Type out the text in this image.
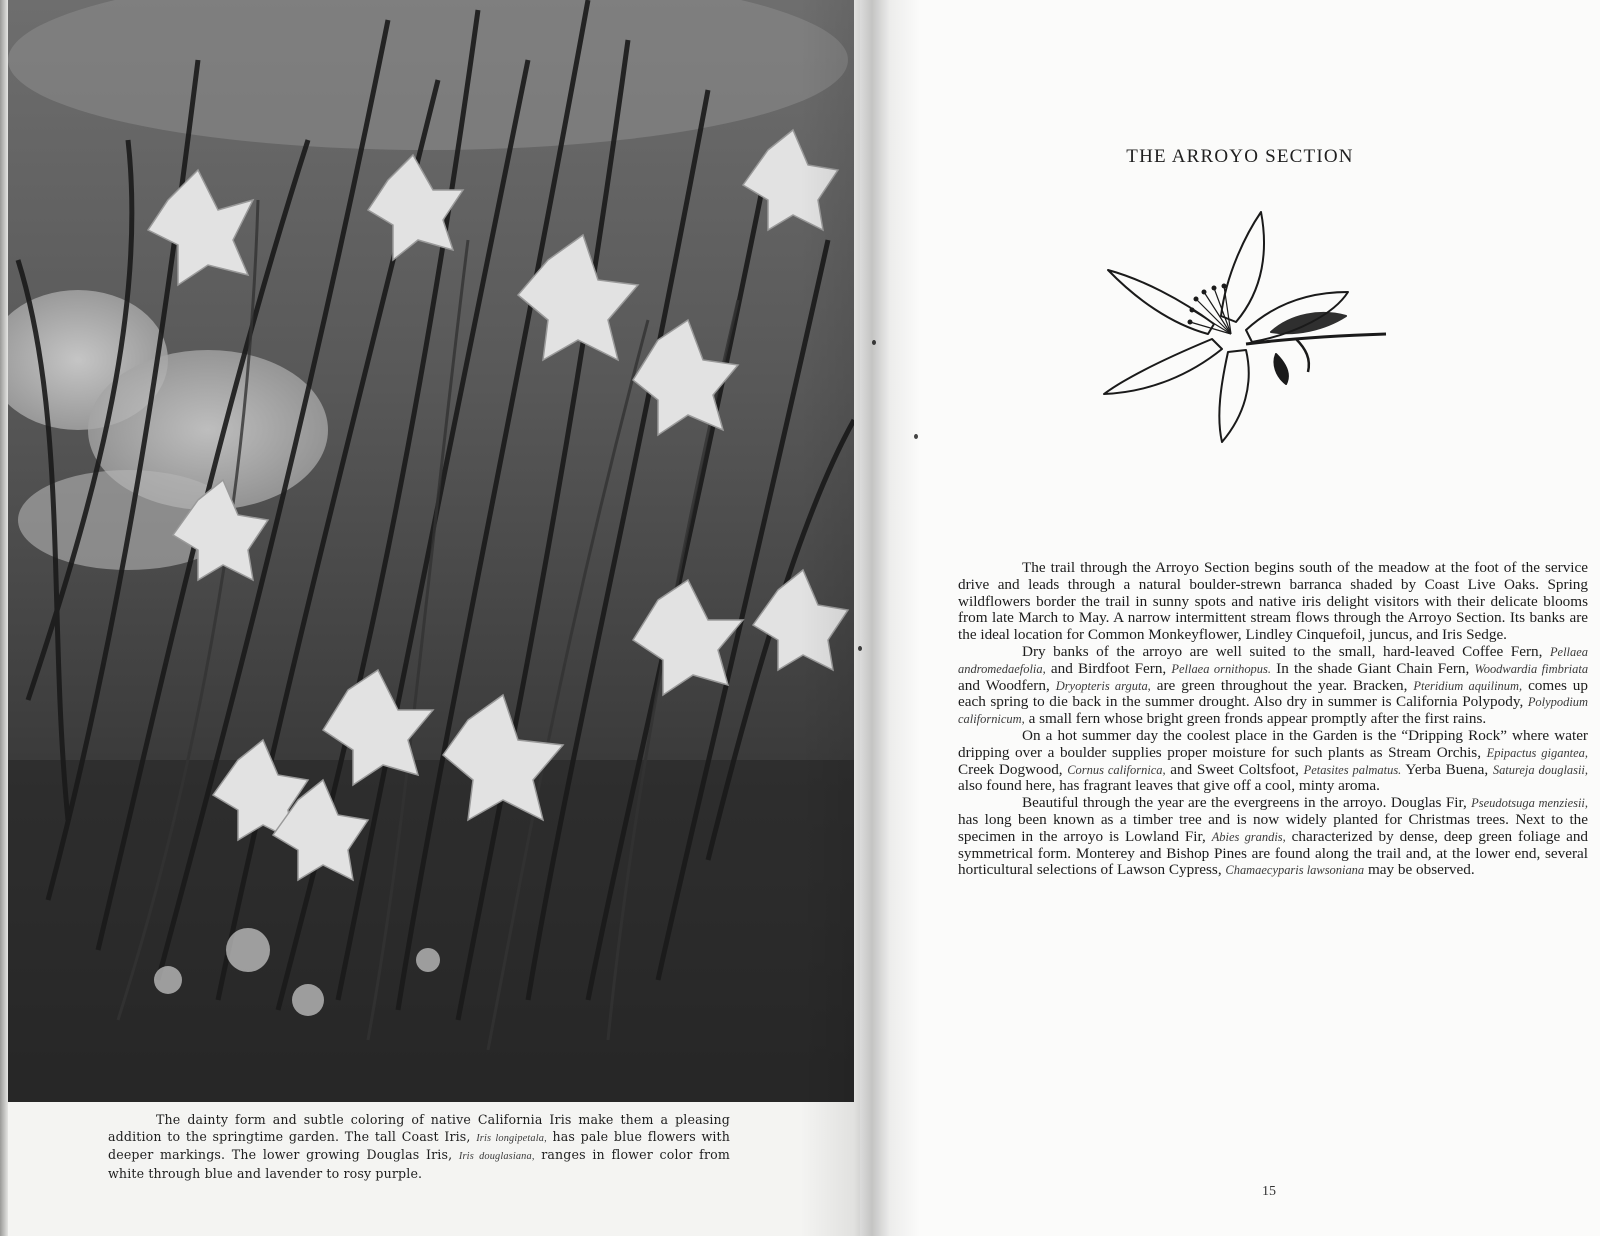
The dainty form and subtle coloring of native California Iris make them a pleasing addition to the springtime garden. The tall Coast Iris, Iris longipetala, has pale blue flowers with deeper markings. The lower growing Douglas Iris, Iris douglasiana, ranges in flower color from white through blue and lavender to rosy purple.
THE ARROYO SECTION

The trail through the Arroyo Section begins south of the meadow at the foot of the service drive and leads through a natural boulder-strewn barranca shaded by Coast Live Oaks. Spring wildflowers border the trail in sunny spots and native iris delight visitors with their delicate blooms from late March to May. A narrow intermittent stream flows through the Arroyo Section. Its banks are the ideal location for Common Monkeyflower, Lindley Cinquefoil, juncus, and Iris Sedge.

Dry banks of the arroyo are well suited to the small, hard-leaved Coffee Fern, Pellaea andromedaefolia, and Birdfoot Fern, Pellaea ornithopus. In the shade Giant Chain Fern, Woodwardia fimbriata and Woodfern, Dryopteris arguta, are green throughout the year. Bracken, Pteridium aquilinum, comes up each spring to die back in the summer drought. Also dry in summer is California Polypody, Polypodium californicum, a small fern whose bright green fronds appear promptly after the first rains.

On a hot summer day the coolest place in the Garden is the “Dripping Rock” where water dripping over a boulder supplies proper moisture for such plants as Stream Orchis, Epipactus gigantea, Creek Dogwood, Cornus californica, and Sweet Coltsfoot, Petasites palmatus. Yerba Buena, Satureja douglasii, also found here, has fragrant leaves that give off a cool, minty aroma.

Beautiful through the year are the evergreens in the arroyo. Douglas Fir, Pseudotsuga menziesii, has long been known as a timber tree and is now widely planted for Christmas trees. Next to the specimen in the arroyo is Lowland Fir, Abies grandis, characterized by dense, deep green foliage and symmetrical form. Monterey and Bishop Pines are found along the trail and, at the lower end, several horticultural selections of Lawson Cypress, Chamaecyparis lawsoniana may be observed.

15
